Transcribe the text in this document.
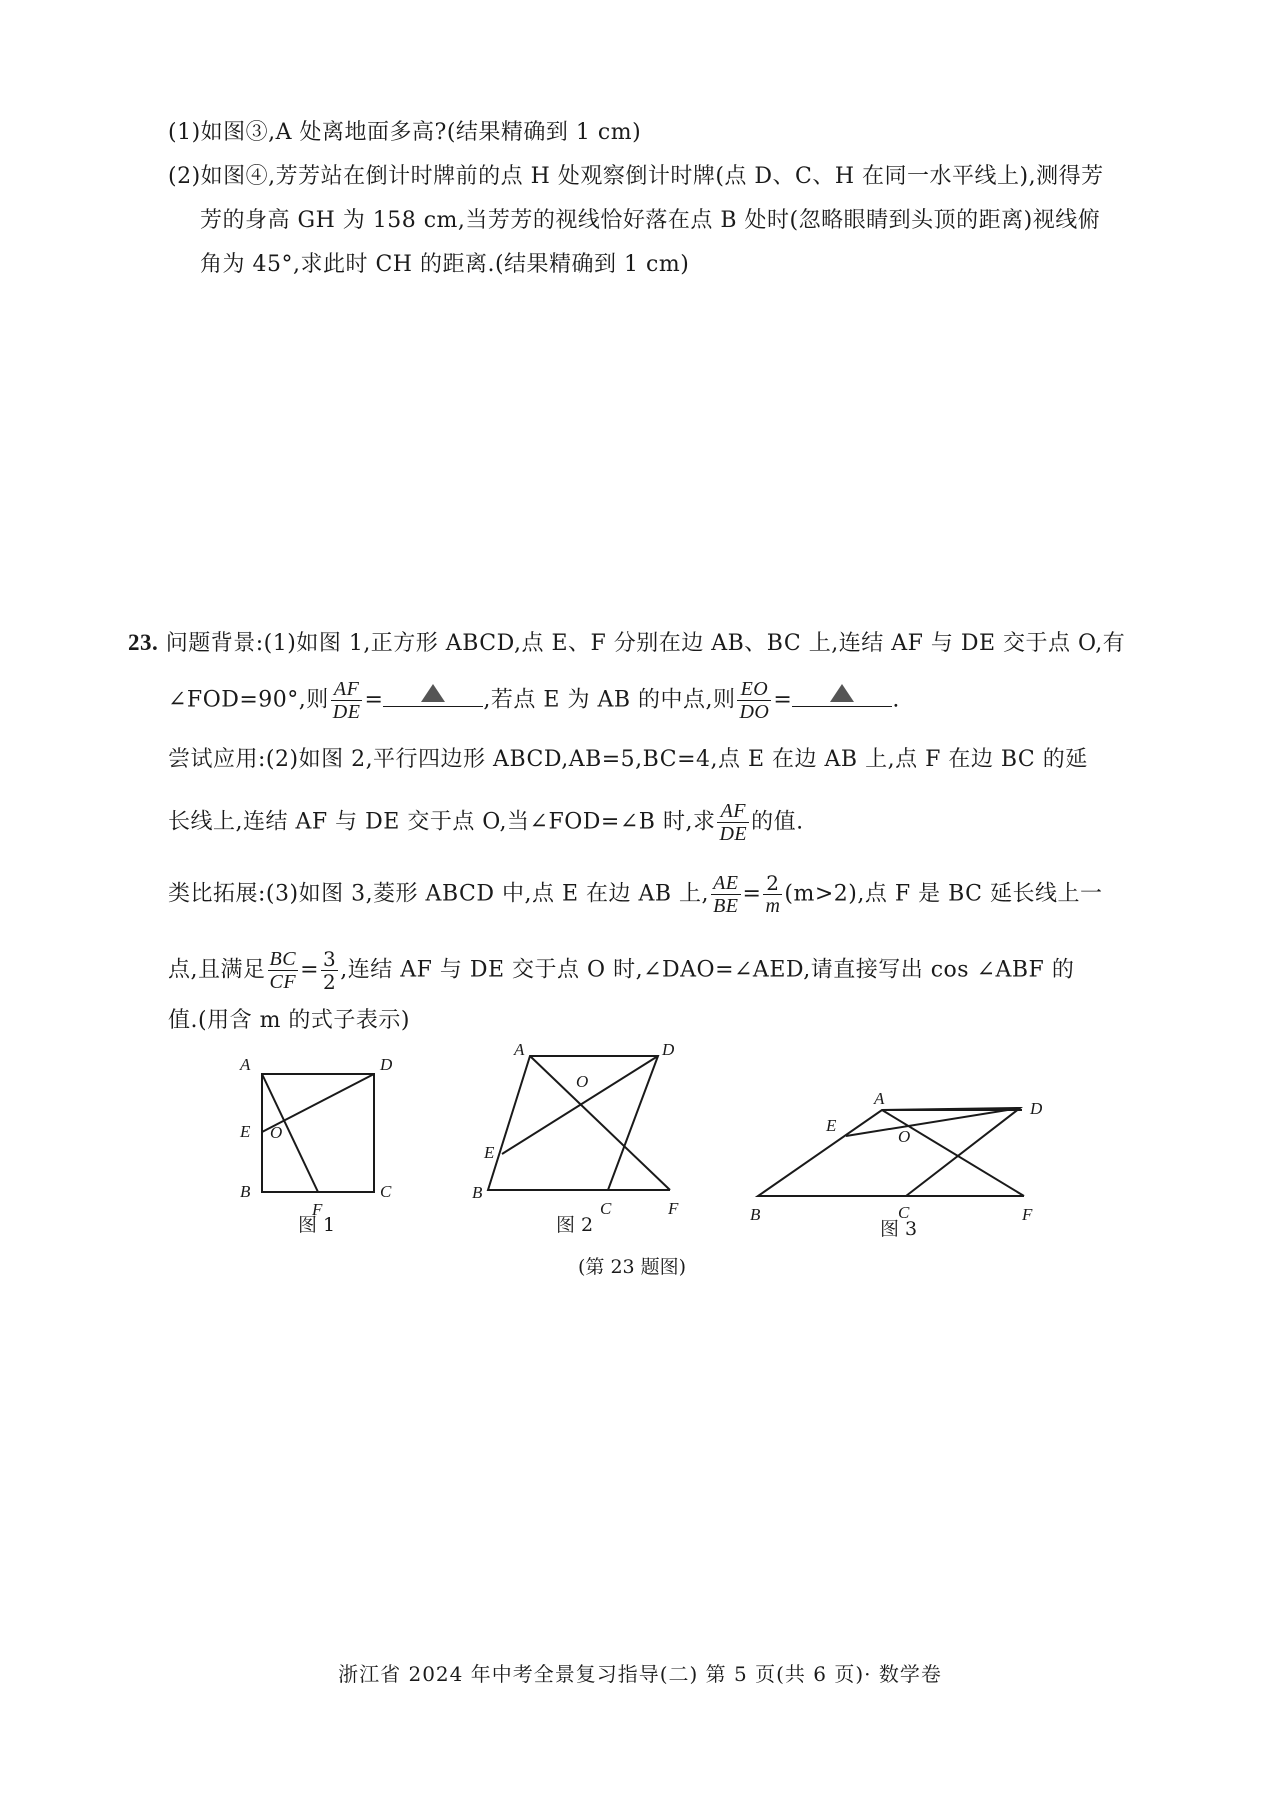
(1)如图③,A 处离地面多高?(结果精确到 1 cm)
(2)如图④,芳芳站在倒计时牌前的点 H 处观察倒计时牌(点 D、C、H 在同一水平线上),测得芳
芳的身高 GH 为 158 cm,当芳芳的视线恰好落在点 B 处时(忽略眼睛到头顶的距离)视线俯
角为 45°,求此时 CH 的距离.(结果精确到 1 cm)
23. 问题背景:(1)如图 1,正方形 ABCD,点 E、F 分别在边 AB、BC 上,连结 AF 与 DE 交于点 O,有
∠FOD=90°,则 $\frac{AF}{DE}$ =	,若点 E 为 AB 的中点,则 $\frac{EO}{DO}$ =	.
尝试应用:(2)如图 2,平行四边形 ABCD,AB=5,BC=4,点 E 在边 AB 上,点 F 在边 BC 的延
长线上,连结 AF 与 DE 交于点 O,当∠FOD=∠B 时,求 $\frac{AF}{DE}$ 的值.
类比拓展:(3)如图 3,菱形 ABCD 中,点 E 在边 AB 上, $\frac{AE}{BE} = \frac{2}{m} (m>2)$,点 F 是 BC 延长线上一
点,且满足 $\frac{BC}{CF} = \frac{3}{2}$ ,连结 AF 与 DE 交于点 O 时,∠DAO=∠AED,请直接写出 cos ∠ABF 的
值.(用含 m 的式子表示)
A	D
E O
B
F
C
A	D
O
E
B
C	F
A
D
E
O
B	C	F
图 1	图 2	图 3
(第 23 题图)
浙江省 2024 年中考全景复习指导(二) 第 5 页(共 6 页)· 数学卷
